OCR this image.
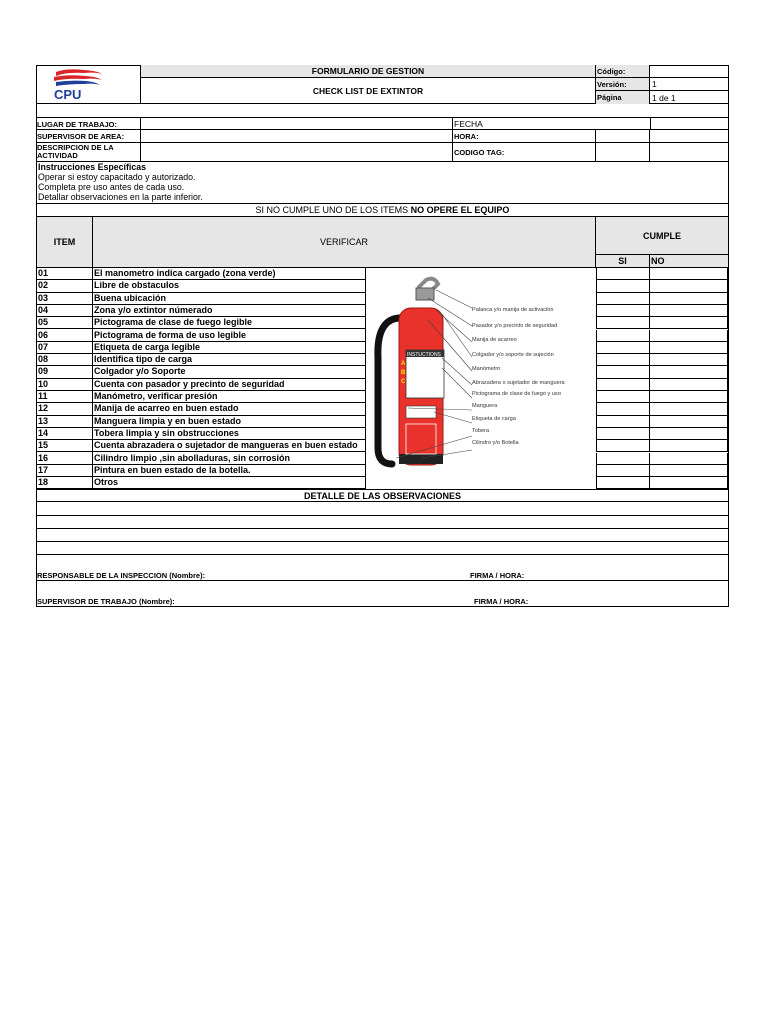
CPU
FORMULARIO DE GESTION
CHECK LIST DE EXTINTOR
Código:
Versión:	1
Página	1 de 1
LUGAR DE TRABAJO:	FECHA
SUPERVISOR DE AREA:	HORA:
DESCRIPCION DE LA ACTIVIDAD	CODIGO TAG:
Instrucciones Específicas
Operar si estoy capacitado y autorizado.
Completa pre uso antes de cada uso.
Detallar observaciones en la parte inferior.
SI NO CUMPLE UNO DE LOS ITEMS NO OPERE EL EQUIPO
ITEM	VERIFICAR
CUMPLE
SI	NO
01	El manometro indica cargado (zona verde)
02	Libre de obstaculos
03	Buena ubicación
04	Zona y/o extintor númerado
05	Pictograma de clase de fuego legible
06	Pictograma de forma de uso legible
07	Etiqueta de carga legible
08	Identifica tipo de carga
09	Colgador y/o Soporte
10	Cuenta con pasador y precinto de seguridad
11	Manómetro, verificar presión
12	Manija de acarreo en buen estado
13	Manguera limpia y en buen estado
14	Tobera limpia y sin obstrucciones
15	Cuenta abrazadera o sujetador de mangueras en buen estado
16	Cilindro limpio ,sin abolladuras, sin corrosión
17	Pintura en buen estado de la botella.
18	Otros
INSTUCTIONS
A
B
C
Palanca y/o manija de activación
Pasador y/o precinto de seguridad
Manija de acarreo
Colgador y/o soporte de sujeción
Manómetro
Abrazadera o sujetador de manguera
Pictograma de clase de fuego y uso
Manguera
Etiqueta de carga
Tobera
Cilindro y/o Botella
DETALLE DE LAS OBSERVACIONES
RESPONSABLE DE LA INSPECCION (Nombre):	FIRMA / HORA:
SUPERVISOR DE TRABAJO (Nombre):	FIRMA / HORA:
